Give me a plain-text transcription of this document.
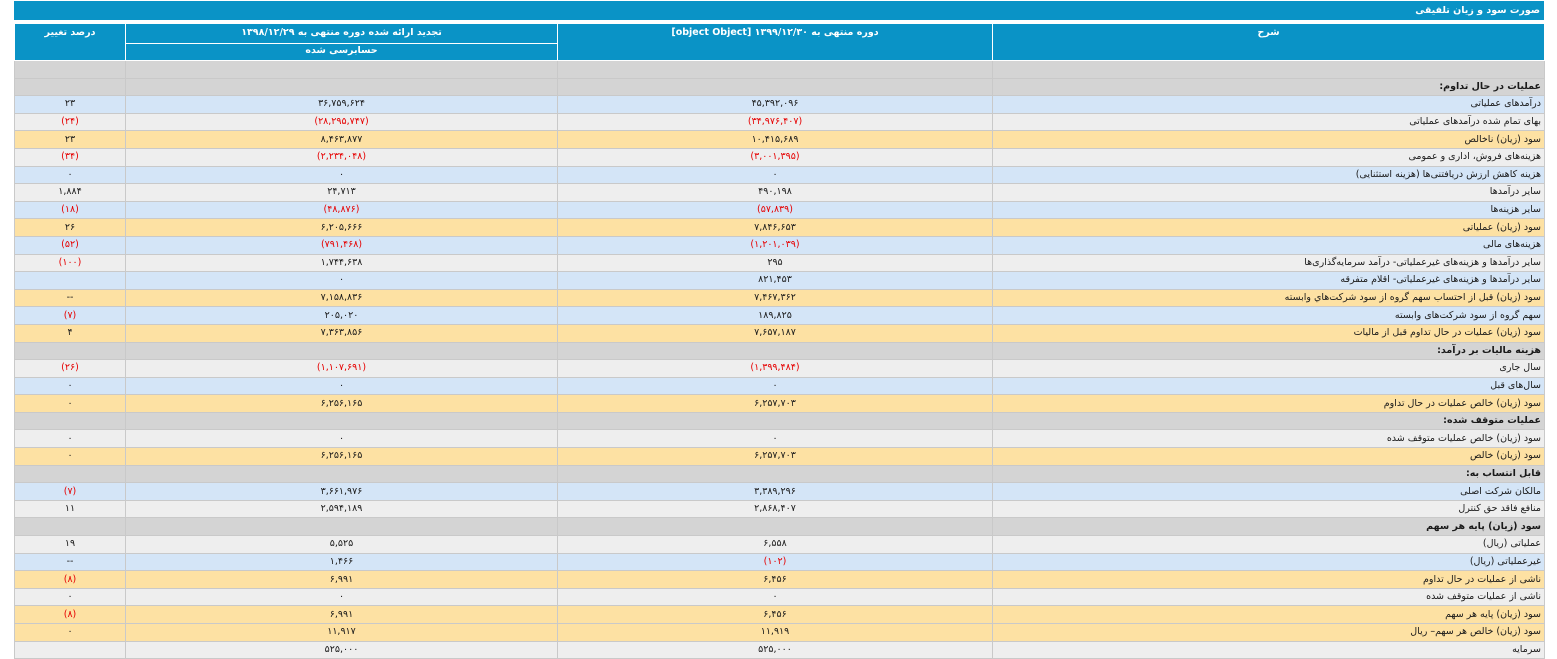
صورت سود و زیان تلفیقی
شرح	دوره منتهی به ۱۳۹۹/۱۲/۳۰ [object Object]	تجدید ارائه شده دوره منتهی به ۱۳۹۸/۱۲/۲۹	درصد تغییر
		حسابرسی شده	

عملیات در حال تداوم:			
درآمدهای عملیاتی	۴۵,۳۹۲,۰۹۶	۳۶,۷۵۹,۶۲۴	۲۳
بهای تمام شده درآمدهای عملیاتی	(۳۴,۹۷۶,۴۰۷)	(۲۸,۲۹۵,۷۴۷)	(۲۴)
سود (زیان) ناخالص	۱۰,۴۱۵,۶۸۹	۸,۴۶۳,۸۷۷	۲۳
هزینه‌های فروش، اداری و عمومی	(۳,۰۰۱,۳۹۵)	(۲,۲۳۴,۰۴۸)	(۳۴)
هزینه کاهش ارزش دریافتنی‌ها (هزینه استثنایی)	۰	۰	۰
سایر درآمدها	۴۹۰,۱۹۸	۲۴,۷۱۳	۱,۸۸۴
سایر هزینه‌ها	(۵۷,۸۳۹)	(۴۸,۸۷۶)	(۱۸)
سود (زیان) عملیاتی	۷,۸۴۶,۶۵۳	۶,۲۰۵,۶۶۶	۲۶
هزینه‌های مالی	(۱,۲۰۱,۰۳۹)	(۷۹۱,۴۶۸)	(۵۲)
سایر درآمدها و هزینه‌های غیرعملیاتی- درآمد سرمایه‌گذاری‌ها	۲۹۵	۱,۷۴۴,۶۳۸	(۱۰۰)
سایر درآمدها و هزینه‌های غیرعملیاتی- اقلام متفرقه	۸۲۱,۴۵۳	۰	
سود (زیان) قبل از احتساب سهم گروه از سود شرکت‌هاي وابسته	۷,۴۶۷,۳۶۲	۷,۱۵۸,۸۳۶	--
سهم گروه از سود شرکت‌های وابسته	۱۸۹,۸۲۵	۲۰۵,۰۲۰	(۷)
سود (زیان) عملیات در حال تداوم قبل از مالیات	۷,۶۵۷,۱۸۷	۷,۳۶۳,۸۵۶	۴
هزینه مالیات بر درآمد:			
سال جاری	(۱,۳۹۹,۴۸۴)	(۱,۱۰۷,۶۹۱)	(۲۶)
سال‌های قبل	۰	۰	۰
سود (زیان) خالص عملیات در حال تداوم	۶,۲۵۷,۷۰۳	۶,۲۵۶,۱۶۵	۰
عملیات متوقف شده:			
سود (زیان) خالص عملیات متوقف شده	۰	۰	۰
سود (زیان) خالص	۶,۲۵۷,۷۰۳	۶,۲۵۶,۱۶۵	۰
قابل انتساب به:			
مالکان شرکت اصلی	۳,۳۸۹,۲۹۶	۳,۶۶۱,۹۷۶	(۷)
منافع فاقد حق کنترل	۲,۸۶۸,۴۰۷	۲,۵۹۴,۱۸۹	۱۱
سود (زیان) پایه هر سهم			
عملیاتی (ریال)	۶,۵۵۸	۵,۵۲۵	۱۹
غیرعملیاتی (ریال)	(۱۰۲)	۱,۴۶۶	--
ناشی از عملیات در حال تداوم	۶,۴۵۶	۶,۹۹۱	(۸)
ناشی از عملیات متوقف شده	۰	۰	۰
سود (زیان) پایه هر سهم	۶,۴۵۶	۶,۹۹۱	(۸)
سود (زیان) خالص هر سهم– ریال	۱۱,۹۱۹	۱۱,۹۱۷	۰
سرمایه	۵۲۵,۰۰۰	۵۲۵,۰۰۰	
